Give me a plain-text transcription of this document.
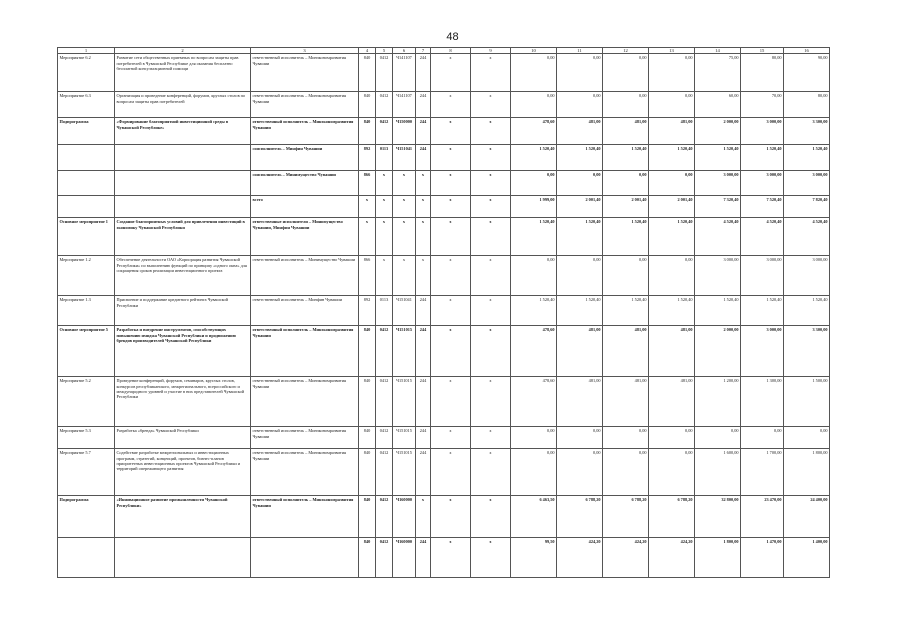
48
1	2	3	4	5	6	7	8	9	10	11	12	13	14	15	16
Мероприятие 6.2	Развитие сети общественных приемных по вопросам защиты прав потребителей в Чувашской Республике для оказания бесплатно бесплатной консультационной помощи	ответственный исполнитель – Минэкономразвития Чувашии	840	0412	Ч141107	244	х	х	0,00	0,00	0,00	0,00	75,00	80,00	90,00
Мероприятие 6.3	Организация и проведение конференций, форумов, круглых столов по вопросам защиты прав потребителей	ответственный исполнитель – Минэкономразвития Чувашии	840	0412	Ч141107	244	х	х	0,00	0,00	0,00	0,00	60,00	70,00	80,00
Подпрограмма	«Формирование благоприятной инвестиционной среды в Чувашской Республике»	ответственный исполнитель – Минэкономразвития Чувашии	840	0412	Ч150000	244	х	х	478,60	481,00	481,00	481,00	2 000,00	3 000,00	3 300,00
		соисполнитель – Минфин Чувашии	892	0113	Ч151041	244	х	х	1 520,40	1 520,40	1 520,40	1 520,40	1 520,40	1 520,40	1 520,40
		соисполнитель – Минимущество Чувашии	866	х	х	х	х	х	0,00	0,00	0,00	0,00	3 000,00	3 000,00	3 000,00
		всего	х	х	х	х	х	х	1 999,00	2 001,40	2 001,40	2 001,40	7 320,40	7 520,40	7 820,40
Основное мероприятие 1	Создание благоприятных условий для привлечения инвестиций в экономику Чувашской Республики	ответственные исполнители – Минимущество Чувашии, Минфин Чувашии	х	х	х	х	х	х	1 520,40	1 520,40	1 520,40	1 520,40	4 520,40	4 520,40	4 520,40
Мероприятие 1.2	Обеспечение деятельности ОАО «Корпорация развития Чувашской Республики» по выполнению функций по принципу «одного окна» для сокращения сроков реализации инвестиционного проекта	ответственный исполнитель – Минимущество Чувашии	866	х	х	х	х	х	0,00	0,00	0,00	0,00	3 000,00	3 000,00	3 000,00
Мероприятие 1.3	Присвоение и поддержание кредитного рейтинга Чувашской Республики	ответственный исполнитель – Минфин Чувашии	892	0113	Ч151041	244	х	х	1 520,40	1 520,40	1 520,40	1 520,40	1 520,40	1 520,40	1 520,40
Основное мероприятие 5	Разработка и внедрение инструментов, способствующих повышению имиджа Чувашской Республики и продвижению брендов производителей Чувашской Республики	ответственный исполнитель – Минэкономразвития Чувашии	840	0412	Ч151015	244	х	х	478,60	481,00	481,00	481,00	2 000,00	3 000,00	3 300,00
Мероприятие 5.2	Проведение конференций, форумов, семинаров, круглых столов, конкурсов республиканского, межрегионального, всероссийского и международного уровней и участие в них представителей Чувашской Республики	ответственный исполнитель – Минэкономразвития Чувашии	840	0412	Ч151015	244	х	х	478,60	481,00	481,00	481,00	1 200,00	1 300,00	1 500,00
Мероприятие 5.3	Разработка «бренда» Чувашской Республики	ответственный исполнитель – Минэкономразвития Чувашии	840	0412	Ч151015	244	х	х	0,00	0,00	0,00	0,00	0,00	0,00	0,00
Мероприятие 5.7	Содействие разработке межрегиональных и инвестиционных программ, стратегий, концепций, проектов, бизнес-планов приоритетных инвестиционных проектов Чувашской Республики и территорий опережающего развития	ответственный исполнитель – Минэкономразвития Чувашии	840	0412	Ч151015	244	х	х	0,00	0,00	0,00	0,00	1 600,00	1 700,00	1 800,00
Подпрограмма	«Инновационное развитие промышленности Чувашской Республики»	ответственный исполнитель – Минэкономразвития Чувашии	840	0412	Ч160000	х	х	х	6 463,50	6 788,20	6 788,20	6 788,20	32 800,00	23 470,00	24 400,00
			840	0412	Ч160000	244	х	х	99,50	424,20	424,20	424,20	1 800,00	1 470,00	1 400,00
